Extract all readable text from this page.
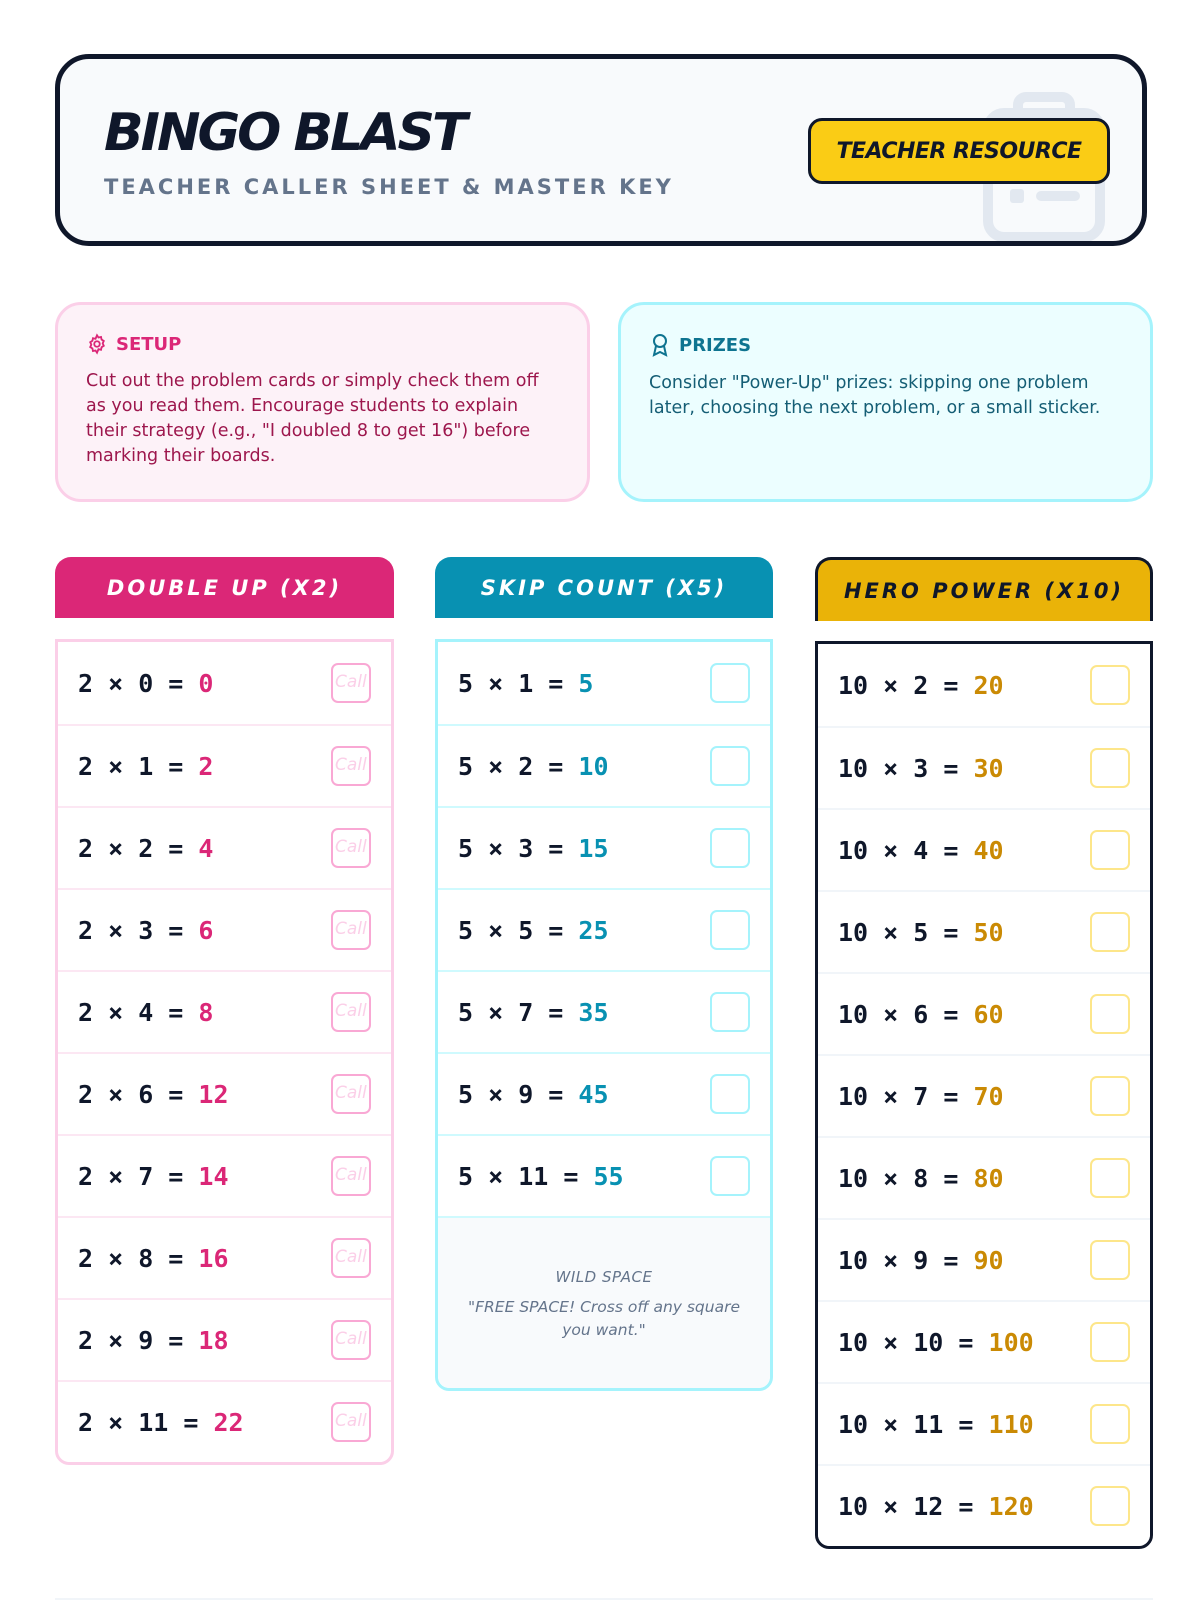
BINGO BLAST
TEACHER CALLER SHEET & MASTER KEY
TEACHER RESOURCE
SETUP
Cut out the problem cards or simply check them off as you read them. Encourage students to explain their strategy (e.g., "I doubled 8 to get 16") before marking their boards.
PRIZES
Consider "Power-Up" prizes: skipping one problem later, choosing the next problem, or a small sticker.
DOUBLE UP (X2)
2 × 0 = 0	Call
2 × 1 = 2	Call
2 × 2 = 4	Call
2 × 3 = 6	Call
2 × 4 = 8	Call
2 × 6 = 12	Call
2 × 7 = 14	Call
2 × 8 = 16	Call
2 × 9 = 18	Call
2 × 11 = 22	Call
SKIP COUNT (X5)
5 × 1 = 5
5 × 2 = 10
5 × 3 = 15
5 × 5 = 25
5 × 7 = 35
5 × 9 = 45
5 × 11 = 55
WILD SPACE
"FREE SPACE! Cross off any square you want."
HERO POWER (X10)
10 × 2 = 20
10 × 3 = 30
10 × 4 = 40
10 × 5 = 50
10 × 6 = 60
10 × 7 = 70
10 × 8 = 80
10 × 9 = 90
10 × 10 = 100
10 × 11 = 110
10 × 12 = 120
